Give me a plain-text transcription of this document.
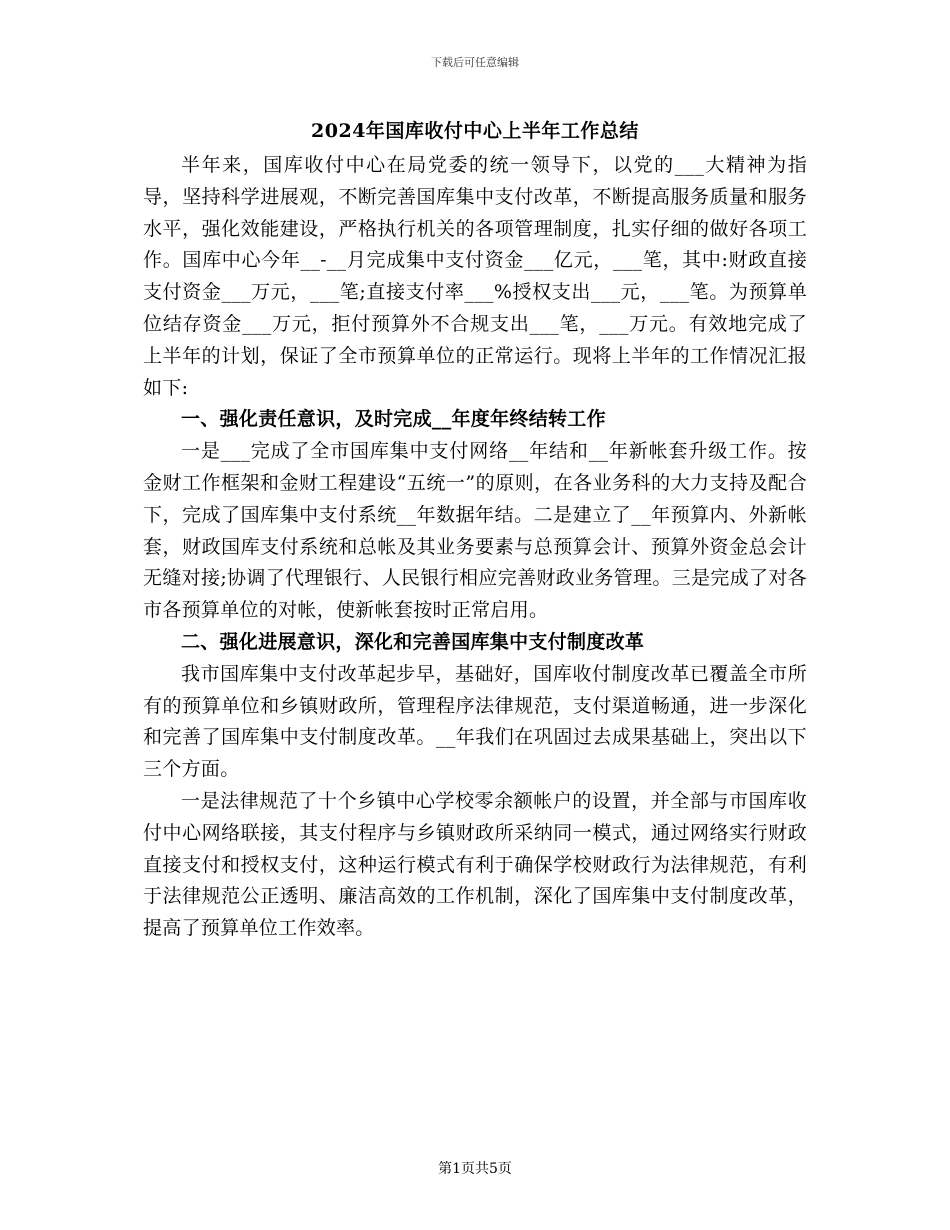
下载后可任意编辑
2024年国库收付中心上半年工作总结

半年来，国库收付中心在局党委的统一领导下，以党的___大精神为指导，坚持科学进展观，不断完善国库集中支付改革，不断提高服务质量和服务水平，强化效能建设，严格执行机关的各项管理制度，扎实仔细的做好各项工作。国库中心今年__-__月完成集中支付资金___亿元，___笔，其中:财政直接支付资金___万元，___笔;直接支付率___%授权支出___元，___笔。为预算单位结存资金___万元，拒付预算外不合规支出___笔，___万元。有效地完成了上半年的计划，保证了全市预算单位的正常运行。现将上半年的工作情况汇报如下:

一、强化责任意识，及时完成__年度年终结转工作

一是___完成了全市国库集中支付网络__年结和__年新帐套升级工作。按金财工作框架和金财工程建设“五统一”的原则，在各业务科的大力支持及配合下，完成了国库集中支付系统__年数据年结。二是建立了__年预算内、外新帐套，财政国库支付系统和总帐及其业务要素与总预算会计、预算外资金总会计无缝对接;协调了代理银行、人民银行相应完善财政业务管理。三是完成了对各市各预算单位的对帐，使新帐套按时正常启用。

二、强化进展意识，深化和完善国库集中支付制度改革

我市国库集中支付改革起步早，基础好，国库收付制度改革已覆盖全市所有的预算单位和乡镇财政所，管理程序法律规范，支付渠道畅通，进一步深化和完善了国库集中支付制度改革。__年我们在巩固过去成果基础上，突出以下三个方面。

一是法律规范了十个乡镇中心学校零余额帐户的设置，并全部与市国库收付中心网络联接，其支付程序与乡镇财政所采纳同一模式，通过网络实行财政直接支付和授权支付，这种运行模式有利于确保学校财政行为法律规范，有利于法律规范公正透明、廉洁高效的工作机制，深化了国库集中支付制度改革，提高了预算单位工作效率。

第1页共5页
